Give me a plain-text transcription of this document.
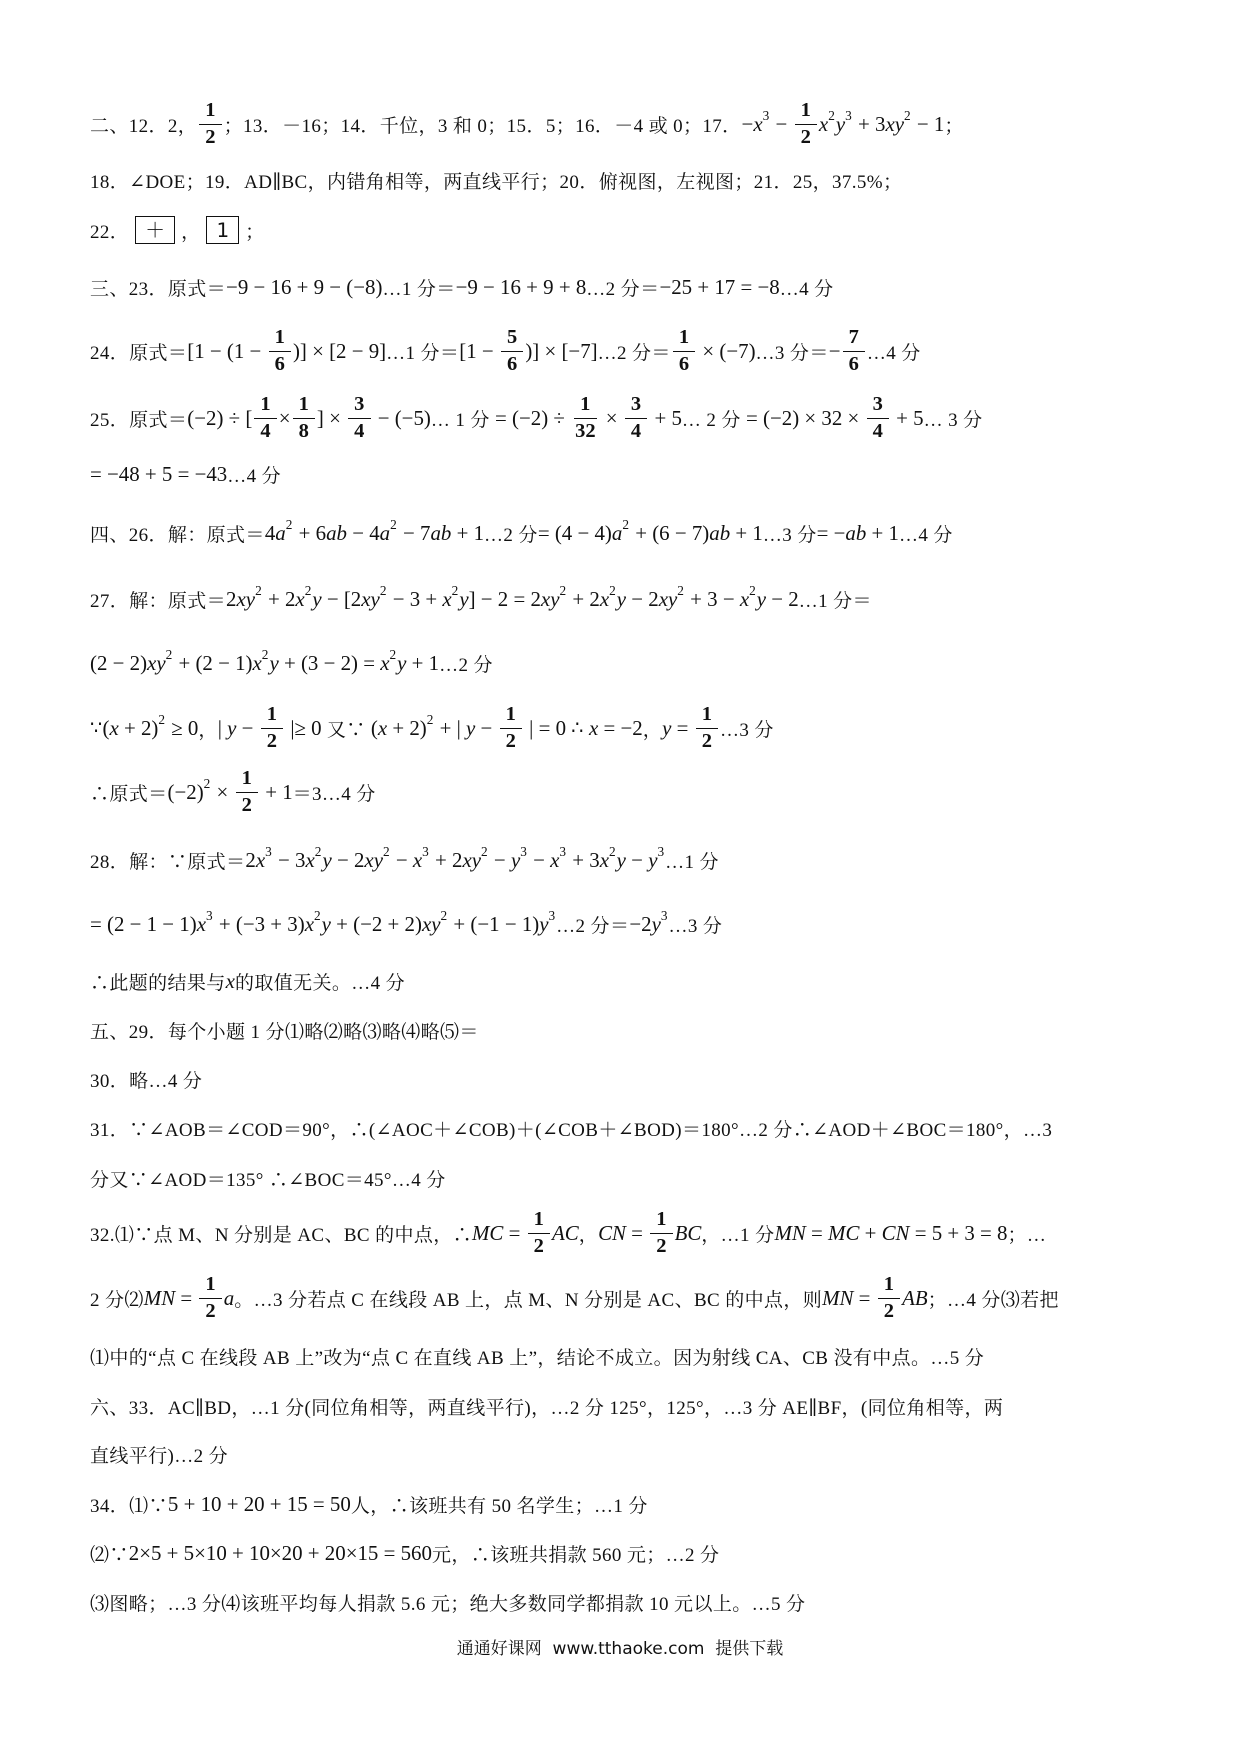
二、12．2， $\frac{1}{2}$ ；13．－16；14．千位，3 和 0；15．5；16．－4 或 0；17． −x $3 - \frac{1}{2}$ x 2 y 3 + 3xy 2 − 1 ；
18．∠DOE；19．AD∥BC，内错角相等，两直线平行；20．俯视图，左视图；21．25，37.5%；
22． ＋ ， 1 ；
三、23．原式＝ −9 − 16 + 9 − (−8) …1 分＝ −9 − 16 + 9 + 8 …2 分＝ −25 + 17 = −8 …4 分
24．原式＝ [$1 - (1 - \frac{1}{6}$ )] × [2 − 9] …1 分＝ [$1 - \frac{5}{6}$ )] × [−7] …2 分＝ $\frac{1}{6} \times (-7)$ …3 分＝ − $\frac{7}{6}$ …4 分
25．原式＝ (−2) ÷ [ $\frac{1}{4} \times \frac{1}{8}$ ] × $\frac{3}{4} - (-5)$ … 1 分 = $(-2) \div \frac{1}{32} \times \frac{3}{4} + 5$ … 2 分 = $(-2) \times 32 \times \frac{3}{4} + 5$ … 3 分
= −48 + 5 = −43 …4 分
四、26．解：原式＝ 4a 2 + 6ab − 4a 2 − 7ab + 1 …2 分 = (4 − 4)a 2 + (6 − 7)ab + 1 …3 分 = −ab + 1 …4 分
27．解：原式＝ 2xy 2 + 2x 2 y − [2xy 2 − 3 + x 2 y] − 2 = 2xy 2 + 2x 2 y − 2xy 2 + 3 − x 2 y − 2 …1 分＝
(2 − 2)xy 2 + (2 − 1)x 2 y + (3 − 2) = x 2 y + 1 …2 分
∵ (x + 2) 2 ≥ 0 ， | $y - \frac{1}{2}$ |≥ 0 又∵ (x + 2) 2 + | $y - \frac{1}{2}$ | = 0 ∴ x = −2 ， $y = \frac{1}{2}$ …3 分
∴原式＝ (−2) $2 \times \frac{1}{2} + 1$ ＝3…4 分
28．解：∵原式＝ 2x 3 − 3x 2 y − 2xy 2 − x 3 + 2xy 2 − y 3 − x 3 + 3x 2 y − y 3
…1 分
= (2 − 1 − 1)x 3 + (−3 + 3)x 2 y + (−2 + 2)xy 2 + (−1 − 1)y 3
…2 分＝ −2y 3
…3 分
∴此题的结果与 x 的取值无关。…4 分
五、29．每个小题 1 分⑴略⑵略⑶略⑷略⑸＝
30．略…4 分
31．∵∠AOB＝∠COD＝90°，∴(∠AOC＋∠COB)＋(∠COB＋∠BOD)＝180°…2 分∴∠AOD＋∠BOC＝180°，…3
分又∵∠AOD＝135° ∴∠BOC＝45°…4 分
32.⑴∵点 M、N 分别是 AC、BC 的中点，∴ MC = $\frac{1}{2}$ AC ， CN = $\frac{1}{2}$ BC ，…1 分 MN = MC + CN = 5 + 3 = 8 ；…
2 分⑵ MN = $\frac{1}{2}$ a 。…3 分若点 C 在线段 AB 上，点 M、N 分别是 AC、BC 的中点，则 MN = $\frac{1}{2}$ AB ；…4 分⑶若把
⑴中的“点 C 在线段 AB 上”改为“点 C 在直线 AB 上”，结论不成立。因为射线 CA、CB 没有中点。…5 分
六、33．AC∥BD，…1 分(同位角相等，两直线平行)，…2 分 125°，125°，…3 分 AE∥BF，(同位角相等，两
直线平行)…2 分
34．⑴∵ 5 + 10 + 20 + 15 = 50 人，∴该班共有 50 名学生；…1 分
⑵∵ 2×5 + 5×10 + 10×20 + 20×15 = 560 元，∴该班共捐款 560 元；…2 分
⑶图略；…3 分⑷该班平均每人捐款 5.6 元；绝大多数同学都捐款 10 元以上。…5 分
通通好课网  www.tthaoke.com  提供下载
